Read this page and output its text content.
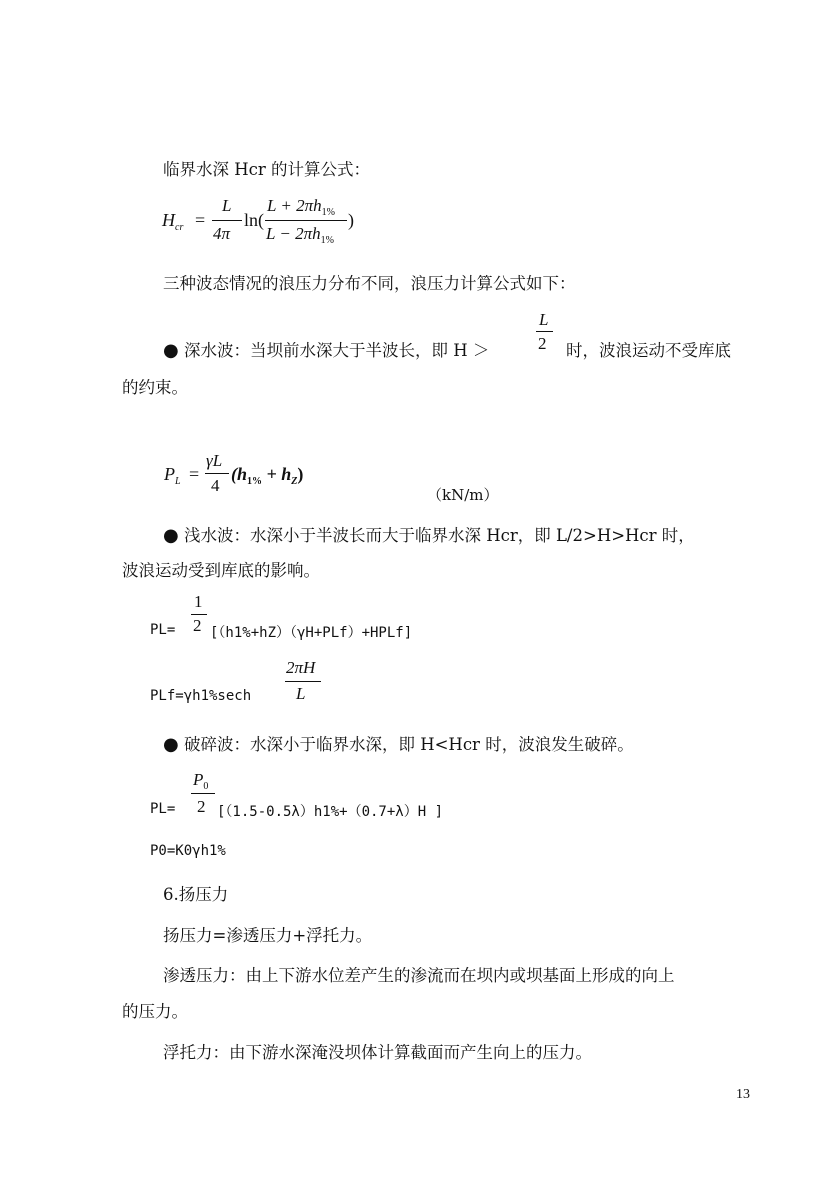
临界水深 Hcr 的计算公式：
$H_{cr}$ =
L
4π
ln(
$L + 2\pi h_{1\%}$
$L - 2\pi h_{1\%}$
)
三种波态情况的浪压力分布不同，浪压力计算公式如下：
● 深水波：当坝前水深大于半波长，即 H ＞
L
2 时，波浪运动不受库底
的约束。
$P_L$ =
γL
4
$(h_{1\%} + h_Z)$
（kN/m）
● 浅水波：水深小于半波长而大于临界水深 Hcr，即 L/2>H>Hcr 时，
波浪运动受到库底的影响。
1
2
PL= [（h1%+hZ）（γH+PLf）+HPLf]
2πH
L
PLf=γh1%sech
● 破碎波：水深小于临界水深，即 H<Hcr 时，波浪发生破碎。
$P_0$
2
PL=	[（1.5-0.5λ）h1%+（0.7+λ）H ]
P0=K0γh1%
6.扬压力
扬压力=渗透压力+浮托力。
渗透压力：由上下游水位差产生的渗流而在坝内或坝基面上形成的向上
的压力。
浮托力：由下游水深淹没坝体计算截面而产生向上的压力。
13
